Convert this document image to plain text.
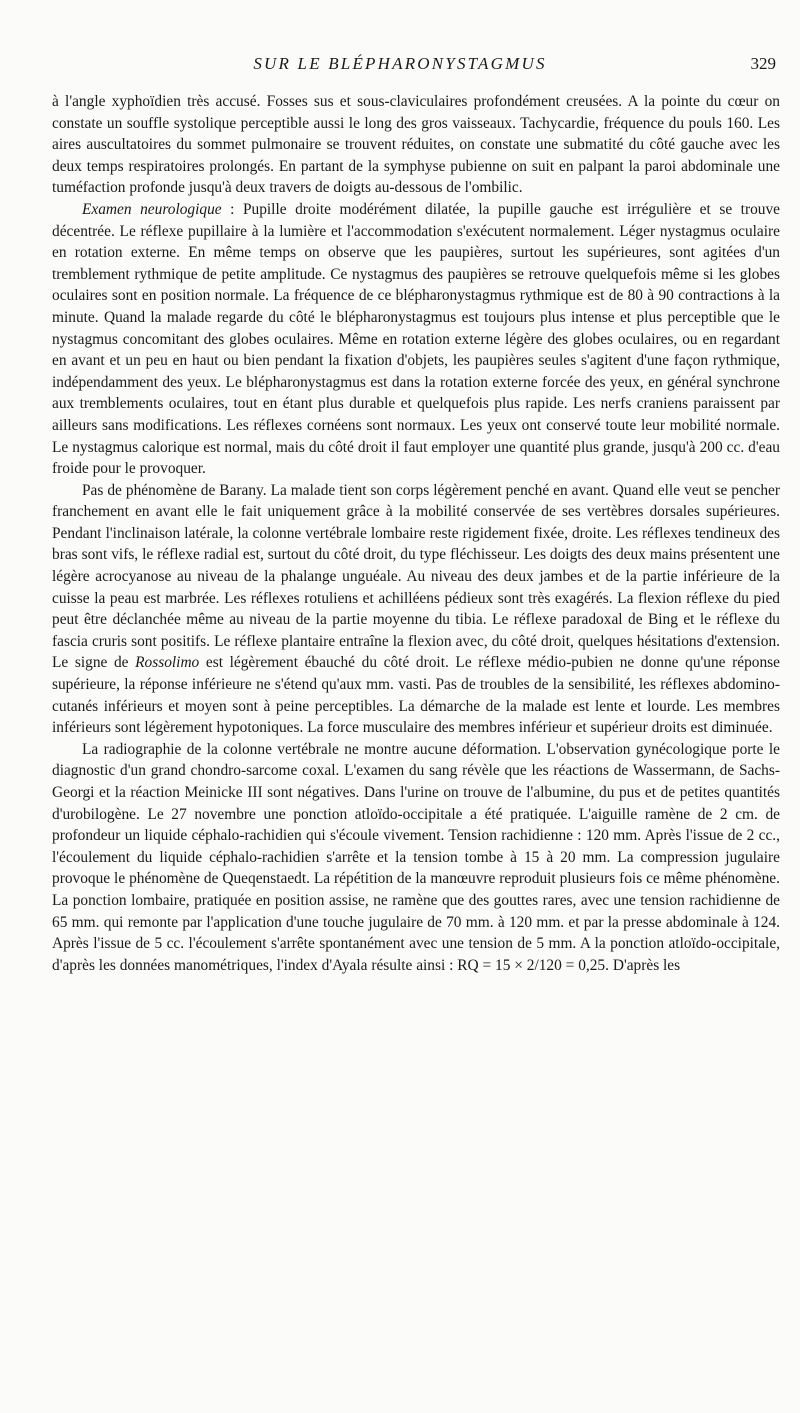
SUR LE BLÉPHARONYSTAGMUS	329

à l'angle xyphoïdien très accusé. Fosses sus et sous-claviculaires profondément creusées. A la pointe du cœur on constate un souffle systolique perceptible aussi le long des gros vaisseaux. Tachycardie, fréquence du pouls 160. Les aires auscultatoires du sommet pulmonaire se trouvent réduites, on constate une submatité du côté gauche avec les deux temps respiratoires prolongés. En partant de la symphyse pubienne on suit en palpant la paroi abdominale une tuméfaction profonde jusqu'à deux travers de doigts au-dessous de l'ombilic.

Examen neurologique : Pupille droite modérément dilatée, la pupille gauche est irrégulière et se trouve décentrée. Le réflexe pupillaire à la lumière et l'accommodation s'exécutent normalement. Léger nystagmus oculaire en rotation externe. En même temps on observe que les paupières, surtout les supérieures, sont agitées d'un tremblement rythmique de petite amplitude. Ce nystagmus des paupières se retrouve quelquefois même si les globes oculaires sont en position normale. La fréquence de ce blépharonystagmus rythmique est de 80 à 90 contractions à la minute. Quand la malade regarde du côté le blépharonystagmus est toujours plus intense et plus perceptible que le nystagmus concomitant des globes oculaires. Même en rotation externe légère des globes oculaires, ou en regardant en avant et un peu en haut ou bien pendant la fixation d'objets, les paupières seules s'agitent d'une façon rythmique, indépendamment des yeux. Le blépharonystagmus est dans la rotation externe forcée des yeux, en général synchrone aux tremblements oculaires, tout en étant plus durable et quelquefois plus rapide. Les nerfs craniens paraissent par ailleurs sans modifications. Les réflexes cornéens sont normaux. Les yeux ont conservé toute leur mobilité normale. Le nystagmus calorique est normal, mais du côté droit il faut employer une quantité plus grande, jusqu'à 200 cc. d'eau froide pour le provoquer.

Pas de phénomène de Barany. La malade tient son corps légèrement penché en avant. Quand elle veut se pencher franchement en avant elle le fait uniquement grâce à la mobilité conservée de ses vertèbres dorsales supérieures. Pendant l'inclinaison latérale, la colonne vertébrale lombaire reste rigidement fixée, droite. Les réflexes tendineux des bras sont vifs, le réflexe radial est, surtout du côté droit, du type fléchisseur. Les doigts des deux mains présentent une légère acrocyanose au niveau de la phalange unguéale. Au niveau des deux jambes et de la partie inférieure de la cuisse la peau est marbrée. Les réflexes rotuliens et achilléens pédieux sont très exagérés. La flexion réflexe du pied peut être déclanchée même au niveau de la partie moyenne du tibia. Le réflexe paradoxal de Bing et le réflexe du fascia cruris sont positifs. Le réflexe plantaire entraîne la flexion avec, du côté droit, quelques hésitations d'extension. Le signe de Rossolimo est légèrement ébauché du côté droit. Le réflexe médio-pubien ne donne qu'une réponse supérieure, la réponse inférieure ne s'étend qu'aux mm. vasti. Pas de troubles de la sensibilité, les réflexes abdomino-cutanés inférieurs et moyen sont à peine perceptibles. La démarche de la malade est lente et lourde. Les membres inférieurs sont légèrement hypotoniques. La force musculaire des membres inférieur et supérieur droits est diminuée.

La radiographie de la colonne vertébrale ne montre aucune déformation. L'observation gynécologique porte le diagnostic d'un grand chondro-sarcome coxal. L'examen du sang révèle que les réactions de Wassermann, de Sachs-Georgi et la réaction Meinicke III sont négatives. Dans l'urine on trouve de l'albumine, du pus et de petites quantités d'urobilogène. Le 27 novembre une ponction atloïdo-occipitale a été pratiquée. L'aiguille ramène de 2 cm. de profondeur un liquide céphalo-rachidien qui s'écoule vivement. Tension rachidienne : 120 mm. Après l'issue de 2 cc., l'écoulement du liquide céphalo-rachidien s'arrête et la tension tombe à 15 à 20 mm. La compression jugulaire provoque le phénomène de Queqenstaedt. La répétition de la manœuvre reproduit plusieurs fois ce même phénomène. La ponction lombaire, pratiquée en position assise, ne ramène que des gouttes rares, avec une tension rachidienne de 65 mm. qui remonte par l'application d'une touche jugulaire de 70 mm. à 120 mm. et par la presse abdominale à 124. Après l'issue de 5 cc. l'écoulement s'arrête spontanément avec une tension de 5 mm. A la ponction atloïdo-occipitale, d'après les données manométriques, l'index d'Ayala résulte ainsi : RQ = 15 × 2/120 = 0,25. D'après les
